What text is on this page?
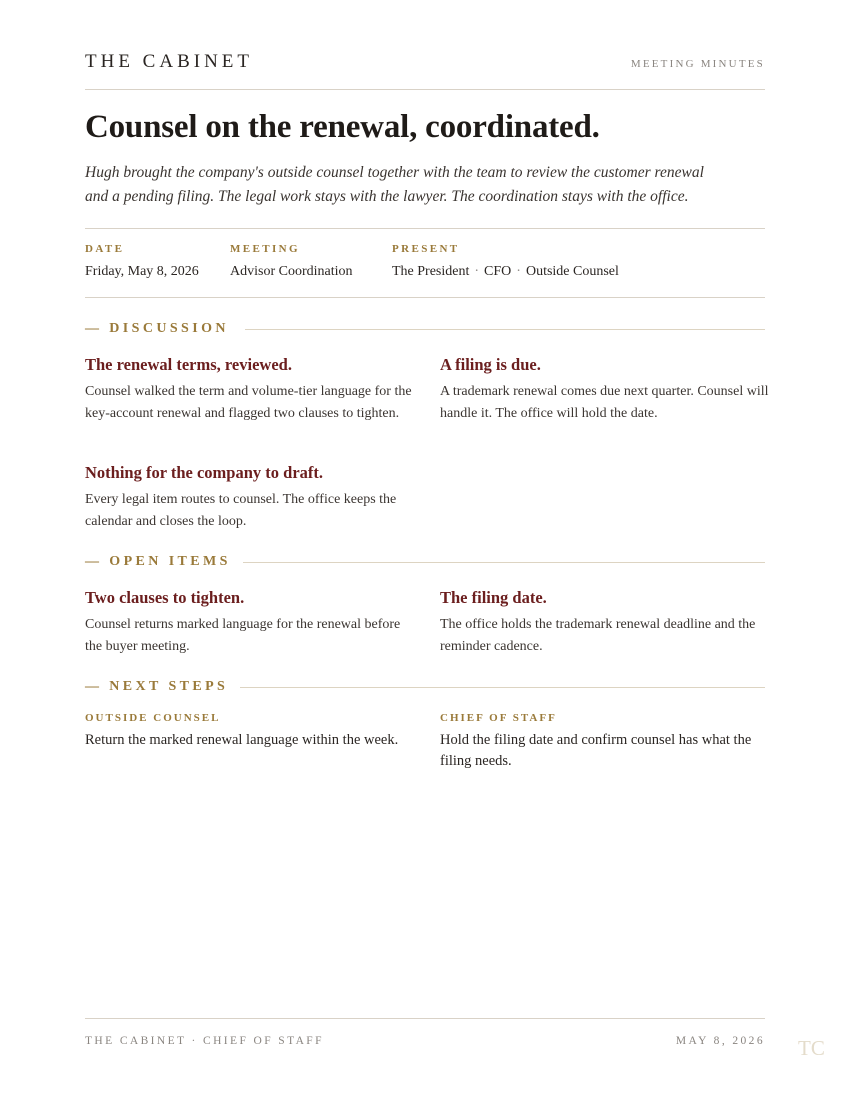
THE CABINET	MEETING MINUTES
Counsel on the renewal, coordinated.

Hugh brought the company's outside counsel together with the team to review the customer renewal and a pending filing. The legal work stays with the lawyer. The coordination stays with the office.

DATE
Friday, May 8, 2026
MEETING
Advisor Coordination
PRESENT
The President · CFO · Outside Counsel
— DISCUSSION
The renewal terms, reviewed.

Counsel walked the term and volume-tier language for the key-account renewal and flagged two clauses to tighten.

A filing is due.

A trademark renewal comes due next quarter. Counsel will handle it. The office will hold the date.

Nothing for the company to draft.

Every legal item routes to counsel. The office keeps the calendar and closes the loop.

— OPEN ITEMS
Two clauses to tighten.

Counsel returns marked language for the renewal before the buyer meeting.

The filing date.

The office holds the trademark renewal deadline and the reminder cadence.

— NEXT STEPS
OUTSIDE COUNSEL

Return the marked renewal language within the week.

CHIEF OF STAFF

Hold the filing date and confirm counsel has what the filing needs.

THE CABINET · CHIEF OF STAFF	MAY 8, 2026 TC
